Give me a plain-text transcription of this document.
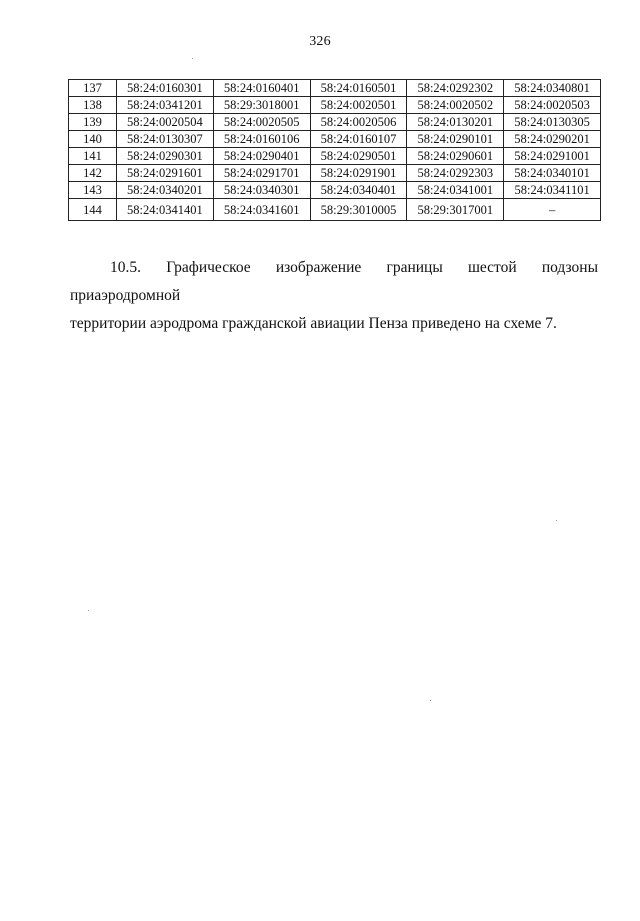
326
137	58:24:0160301	58:24:0160401	58:24:0160501	58:24:0292302	58:24:0340801
138	58:24:0341201	58:29:3018001	58:24:0020501	58:24:0020502	58:24:0020503
139	58:24:0020504	58:24:0020505	58:24:0020506	58:24:0130201	58:24:0130305
140	58:24:0130307	58:24:0160106	58:24:0160107	58:24:0290101	58:24:0290201
141	58:24:0290301	58:24:0290401	58:24:0290501	58:24:0290601	58:24:0291001
142	58:24:0291601	58:24:0291701	58:24:0291901	58:24:0292303	58:24:0340101
143	58:24:0340201	58:24:0340301	58:24:0340401	58:24:0341001	58:24:0341101
144	58:24:0341401	58:24:0341601	58:29:3010005	58:29:3017001	–
10.5. Графическое изображение границы шестой подзоны приаэродромной
территории аэродрома гражданской авиации Пенза приведено на схеме 7.
